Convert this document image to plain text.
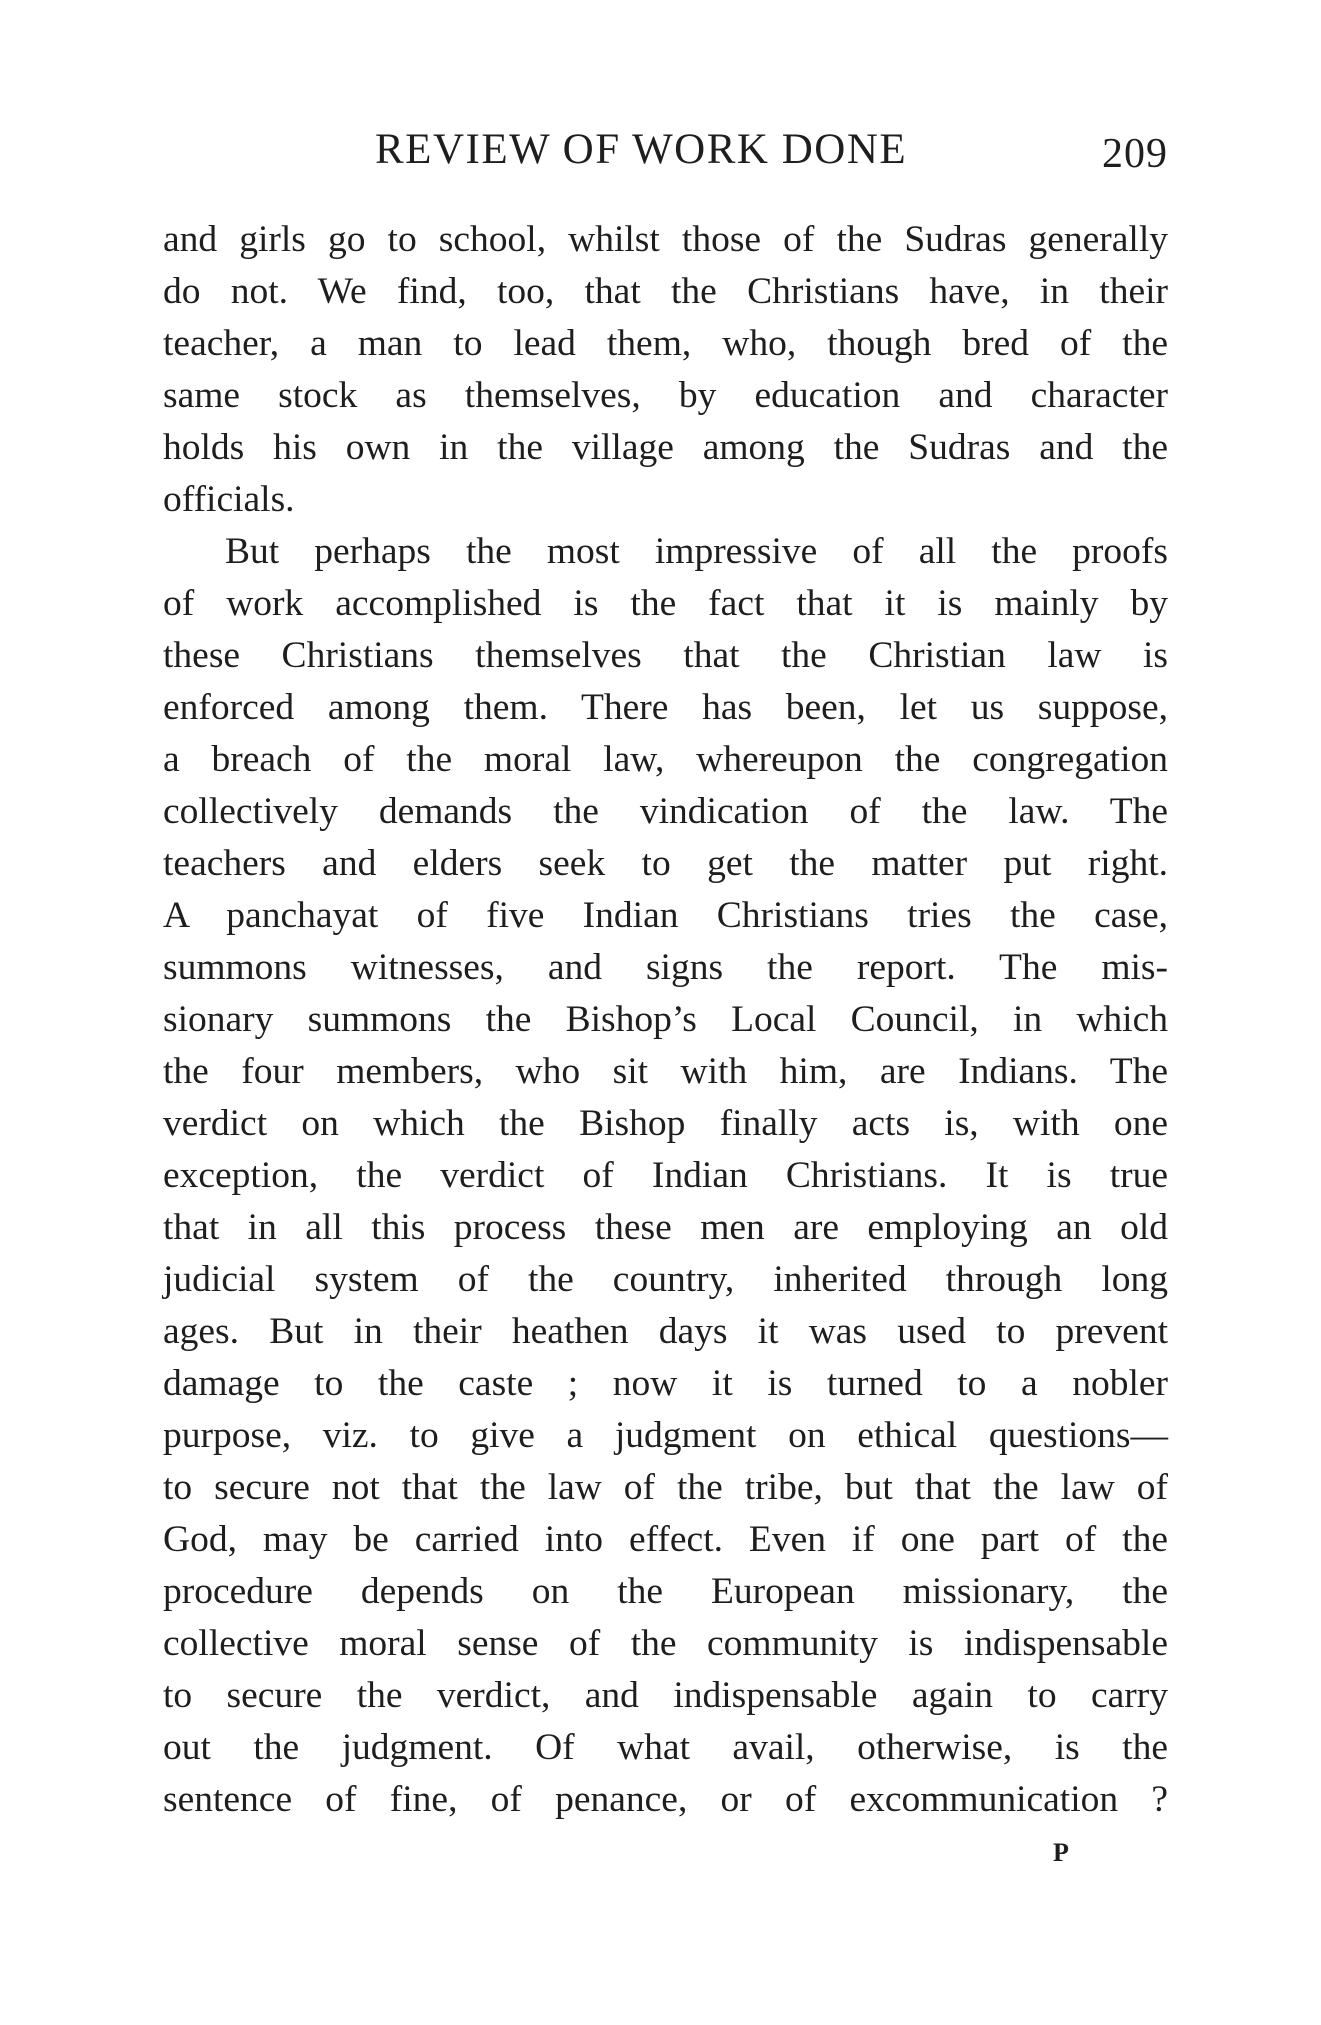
REVIEW OF WORK DONE	209
and girls go to school, whilst those of the Sudras generally
do not. We find, too, that the Christians have, in their
teacher, a man to lead them, who, though bred of the
same stock as themselves, by education and character
holds his own in the village among the Sudras and the
officials.
But perhaps the most impressive of all the proofs
of work accomplished is the fact that it is mainly by
these Christians themselves that the Christian law is
enforced among them. There has been, let us suppose,
a breach of the moral law, whereupon the congregation
collectively demands the vindication of the law. The
teachers and elders seek to get the matter put right.
A panchayat of five Indian Christians tries the case,
summons witnesses, and signs the report. The mis-
sionary summons the Bishop’s Local Council, in which
the four members, who sit with him, are Indians. The
verdict on which the Bishop finally acts is, with one
exception, the verdict of Indian Christians. It is true
that in all this process these men are employing an old
judicial system of the country, inherited through long
ages. But in their heathen days it was used to prevent
damage to the caste ; now it is turned to a nobler
purpose, viz. to give a judgment on ethical questions—
to secure not that the law of the tribe, but that the law of
God, may be carried into effect. Even if one part of the
procedure depends on the European missionary, the
collective moral sense of the community is indispensable
to secure the verdict, and indispensable again to carry
out the judgment. Of what avail, otherwise, is the
sentence of fine, of penance, or of excommunication ?
P
